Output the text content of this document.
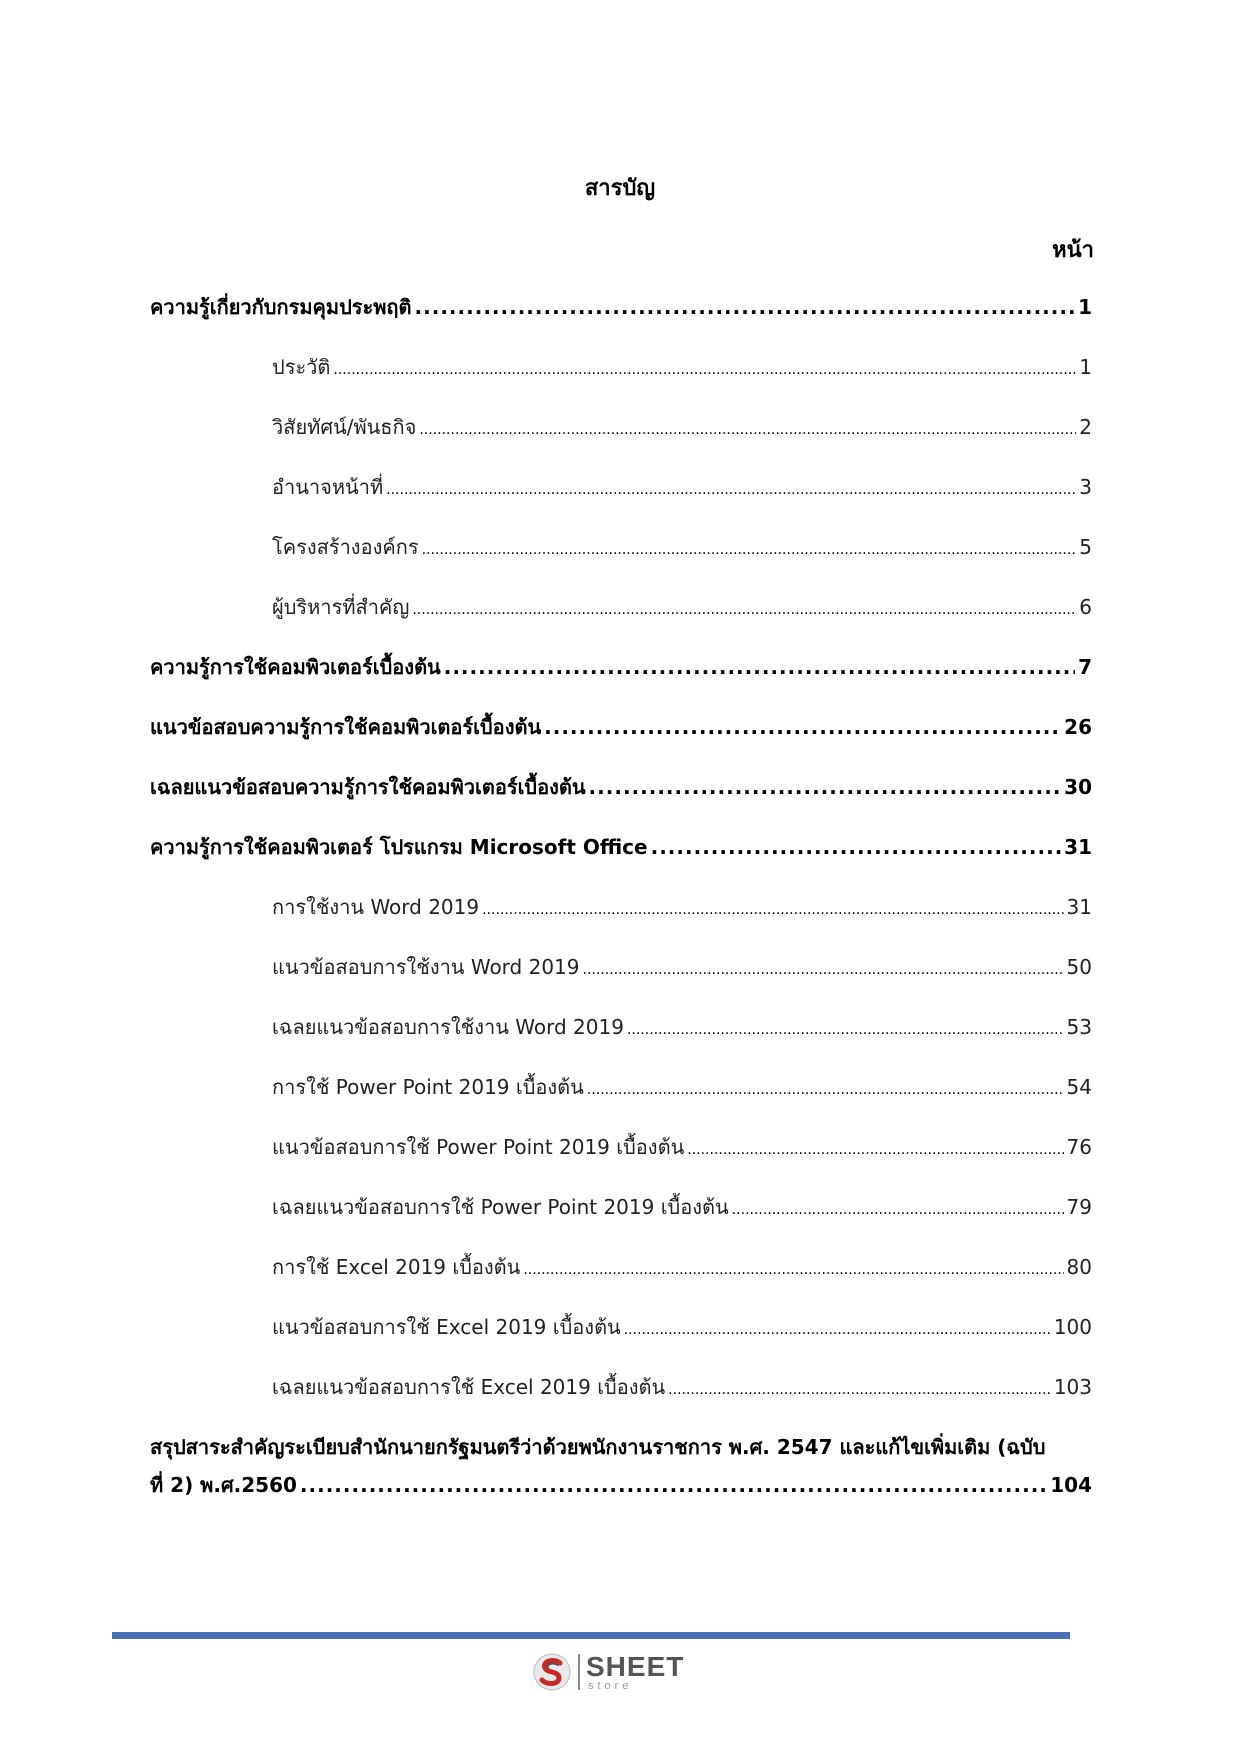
สารบัญ
หน้า
ความรู้เกี่ยวกับกรมคุมประพฤติ .....	1
ประวัติ .....	1
วิสัยทัศน์/พันธกิจ .....	2
อำนาจหน้าที่ .....	3
โครงสร้างองค์กร .....	5
ผู้บริหารที่สำคัญ .....	6
ความรู้การใช้คอมพิวเตอร์เบื้องต้น .....	7
แนวข้อสอบความรู้การใช้คอมพิวเตอร์เบื้องต้น .....	26
เฉลยแนวข้อสอบความรู้การใช้คอมพิวเตอร์เบื้องต้น .....	30
ความรู้การใช้คอมพิวเตอร์ โปรแกรม Microsoft Office .....	31
การใช้งาน Word 2019 .....	31
แนวข้อสอบการใช้งาน Word 2019 .....	50
เฉลยแนวข้อสอบการใช้งาน Word 2019 .....	53
การใช้ Power Point 2019 เบื้องต้น .....	54
แนวข้อสอบการใช้ Power Point 2019 เบื้องต้น .....	76
เฉลยแนวข้อสอบการใช้ Power Point 2019 เบื้องต้น .....	79
การใช้ Excel 2019 เบื้องต้น .....	80
แนวข้อสอบการใช้ Excel 2019 เบื้องต้น .....	100
เฉลยแนวข้อสอบการใช้ Excel 2019 เบื้องต้น .....	103
สรุปสาระสำคัญระเบียบสำนักนายกรัฐมนตรีว่าด้วยพนักงานราชการ พ.ศ. 2547 และแก้ไขเพิ่มเติม (ฉบับ
ที่ 2) พ.ศ.2560 .....	104
SHEET
store
